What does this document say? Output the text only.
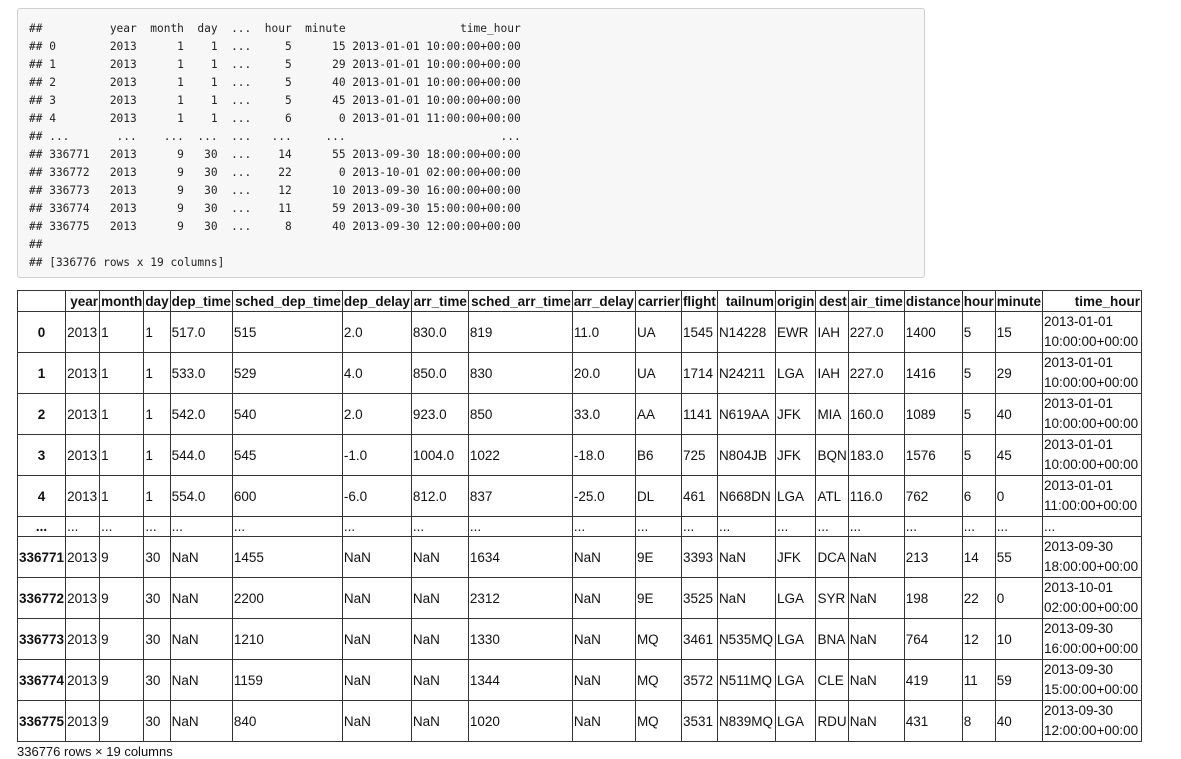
##          year  month  day  ...  hour  minute                 time_hour
## 0        2013      1    1  ...     5      15 2013-01-01 10:00:00+00:00
## 1        2013      1    1  ...     5      29 2013-01-01 10:00:00+00:00
## 2        2013      1    1  ...     5      40 2013-01-01 10:00:00+00:00
## 3        2013      1    1  ...     5      45 2013-01-01 10:00:00+00:00
## 4        2013      1    1  ...     6       0 2013-01-01 11:00:00+00:00
## ...       ...    ...  ...  ...   ...     ...                       ...
## 336771   2013      9   30  ...    14      55 2013-09-30 18:00:00+00:00
## 336772   2013      9   30  ...    22       0 2013-10-01 02:00:00+00:00
## 336773   2013      9   30  ...    12      10 2013-09-30 16:00:00+00:00
## 336774   2013      9   30  ...    11      59 2013-09-30 15:00:00+00:00
## 336775   2013      9   30  ...     8      40 2013-09-30 12:00:00+00:00
##
## [336776 rows x 19 columns]
	year	month	day	dep_time	sched_dep_time	dep_delay	arr_time	sched_arr_time	arr_delay	carrier	flight	tailnum	origin	dest	air_time	distance	hour	minute	time_hour
0	2013	1	1	517.0	515	2.0	830.0	819	11.0	UA	1545	N14228	EWR	IAH	227.0	1400	5	15	2013-01-01 10:00:00+00:00
1	2013	1	1	533.0	529	4.0	850.0	830	20.0	UA	1714	N24211	LGA	IAH	227.0	1416	5	29	2013-01-01 10:00:00+00:00
2	2013	1	1	542.0	540	2.0	923.0	850	33.0	AA	1141	N619AA	JFK	MIA	160.0	1089	5	40	2013-01-01 10:00:00+00:00
3	2013	1	1	544.0	545	-1.0	1004.0	1022	-18.0	B6	725	N804JB	JFK	BQN	183.0	1576	5	45	2013-01-01 10:00:00+00:00
4	2013	1	1	554.0	600	-6.0	812.0	837	-25.0	DL	461	N668DN	LGA	ATL	116.0	762	6	0	2013-01-01 11:00:00+00:00
...	...	...	...	...	...	...	...	...	...	...	...	...	...	...	...	...	...	...	...
336771	2013	9	30	NaN	1455	NaN	NaN	1634	NaN	9E	3393	NaN	JFK	DCA	NaN	213	14	55	2013-09-30 18:00:00+00:00
336772	2013	9	30	NaN	2200	NaN	NaN	2312	NaN	9E	3525	NaN	LGA	SYR	NaN	198	22	0	2013-10-01 02:00:00+00:00
336773	2013	9	30	NaN	1210	NaN	NaN	1330	NaN	MQ	3461	N535MQ	LGA	BNA	NaN	764	12	10	2013-09-30 16:00:00+00:00
336774	2013	9	30	NaN	1159	NaN	NaN	1344	NaN	MQ	3572	N511MQ	LGA	CLE	NaN	419	11	59	2013-09-30 15:00:00+00:00
336775	2013	9	30	NaN	840	NaN	NaN	1020	NaN	MQ	3531	N839MQ	LGA	RDU	NaN	431	8	40	2013-09-30 12:00:00+00:00
336776 rows × 19 columns
